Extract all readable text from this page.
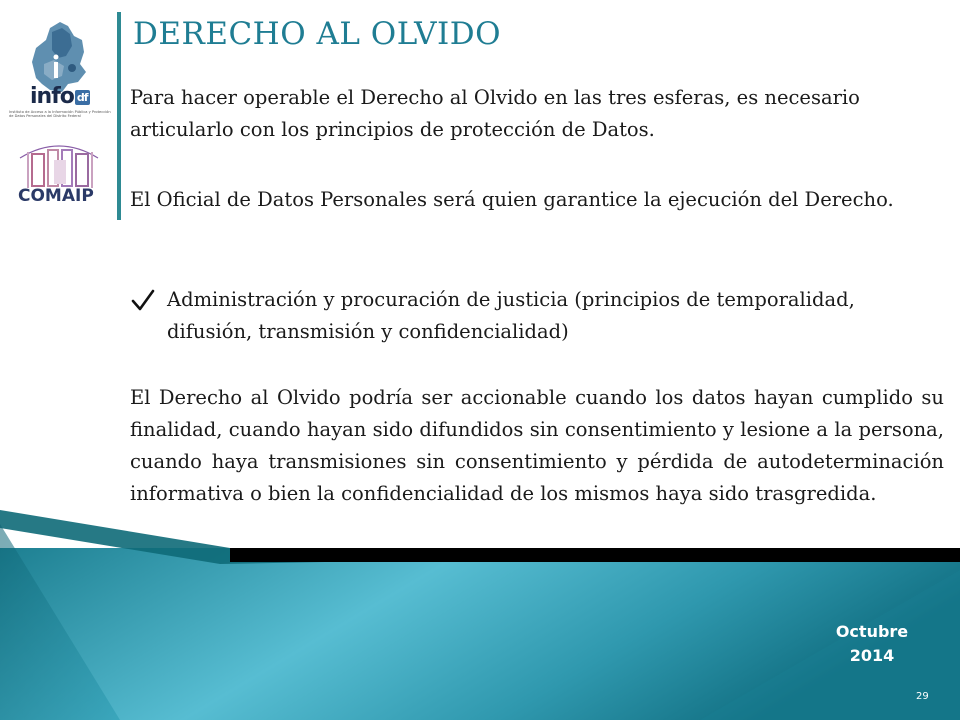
info df
Instituto de Acceso a la Información Pública y Protección de Datos Personales del Distrito Federal
COMAIP
DERECHO AL OLVIDO
Para hacer operable el Derecho al Olvido en las tres esferas, es necesario articularlo con los principios de protección de Datos.
El Oficial de Datos Personales será quien garantice la ejecución del Derecho.
Administración y procuración de justicia (principios de temporalidad, difusión, transmisión y confidencialidad)
El Derecho al Olvido podría ser accionable cuando los datos hayan cumplido su finalidad, cuando hayan sido difundidos sin consentimiento y lesione a la persona, cuando haya transmisiones sin consentimiento y pérdida de autodeterminación informativa o bien la confidencialidad de los mismos haya sido trasgredida.
Octubre
2014
29
